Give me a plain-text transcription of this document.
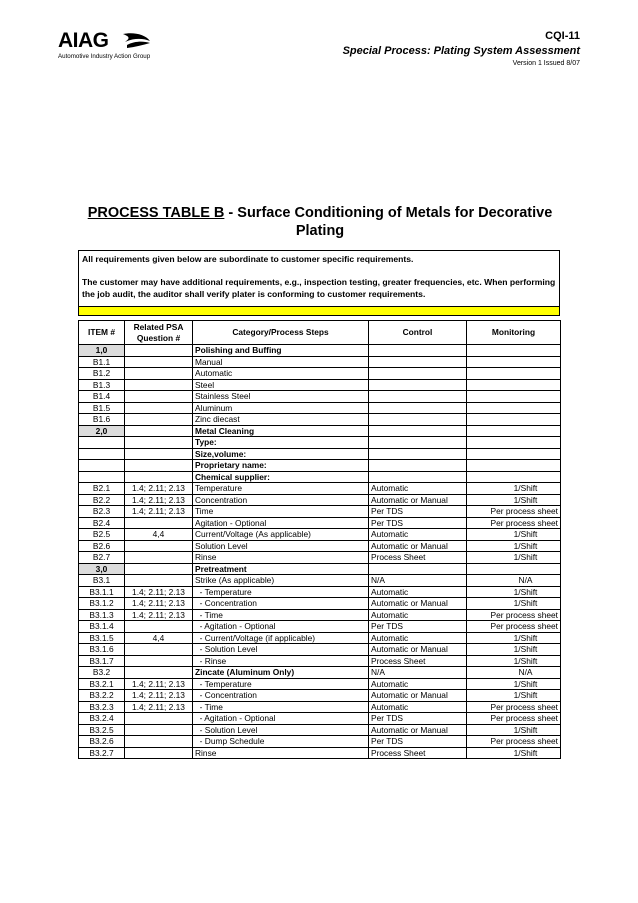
AIAG
Automotive Industry Action Group
CQI-11
Special Process: Plating System Assessment
Version 1 Issued 8/07
PROCESS TABLE B - Surface Conditioning of Metals for Decorative Plating

All requirements given below are subordinate to customer specific requirements.

The customer may have additional requirements, e.g., inspection testing, greater frequencies, etc. When performing the job audit, the auditor shall verify plater is conforming to customer requirements.

ITEM #	Related PSA Question #	Category/Process Steps	Control	Monitoring
1,0		Polishing and Buffing		
B1.1		Manual		
B1.2		Automatic		
B1.3		Steel		
B1.4		Stainless Steel		
B1.5		Aluminum		
B1.6		Zinc diecast		
2,0		Metal Cleaning		
		Type:		
		Size,volume:		
		Proprietary name:		
		Chemical supplier:		
B2.1	1.4; 2.11; 2.13	Temperature	Automatic	1/Shift
B2.2	1.4; 2.11; 2.13	Concentration	Automatic or Manual	1/Shift
B2.3	1.4; 2.11; 2.13	Time	Per TDS	Per process sheet
B2.4		Agitation - Optional	Per TDS	Per process sheet
B2.5	4,4	Current/Voltage (As applicable)	Automatic	1/Shift
B2.6		Solution Level	Automatic or Manual	1/Shift
B2.7		Rinse	Process Sheet	1/Shift
3,0		Pretreatment		
B3.1		Strike (As applicable)	N/A	N/A
B3.1.1	1.4; 2.11; 2.13	- Temperature	Automatic	1/Shift
B3.1.2	1.4; 2.11; 2.13	- Concentration	Automatic or Manual	1/Shift
B3.1.3	1.4; 2.11; 2.13	- Time	Automatic	Per process sheet
B3.1.4		- Agitation - Optional	Per TDS	Per process sheet
B3.1.5	4,4	- Current/Voltage (if applicable)	Automatic	1/Shift
B3.1.6		- Solution Level	Automatic or Manual	1/Shift
B3.1.7		- Rinse	Process Sheet	1/Shift
B3.2		Zincate (Aluminum Only)	N/A	N/A
B3.2.1	1.4; 2.11; 2.13	- Temperature	Automatic	1/Shift
B3.2.2	1.4; 2.11; 2.13	- Concentration	Automatic or Manual	1/Shift
B3.2.3	1.4; 2.11; 2.13	- Time	Automatic	Per process sheet
B3.2.4		- Agitation - Optional	Per TDS	Per process sheet
B3.2.5		- Solution Level	Automatic or Manual	1/Shift
B3.2.6		- Dump Schedule	Per TDS	Per process sheet
B3.2.7		Rinse	Process Sheet	1/Shift
